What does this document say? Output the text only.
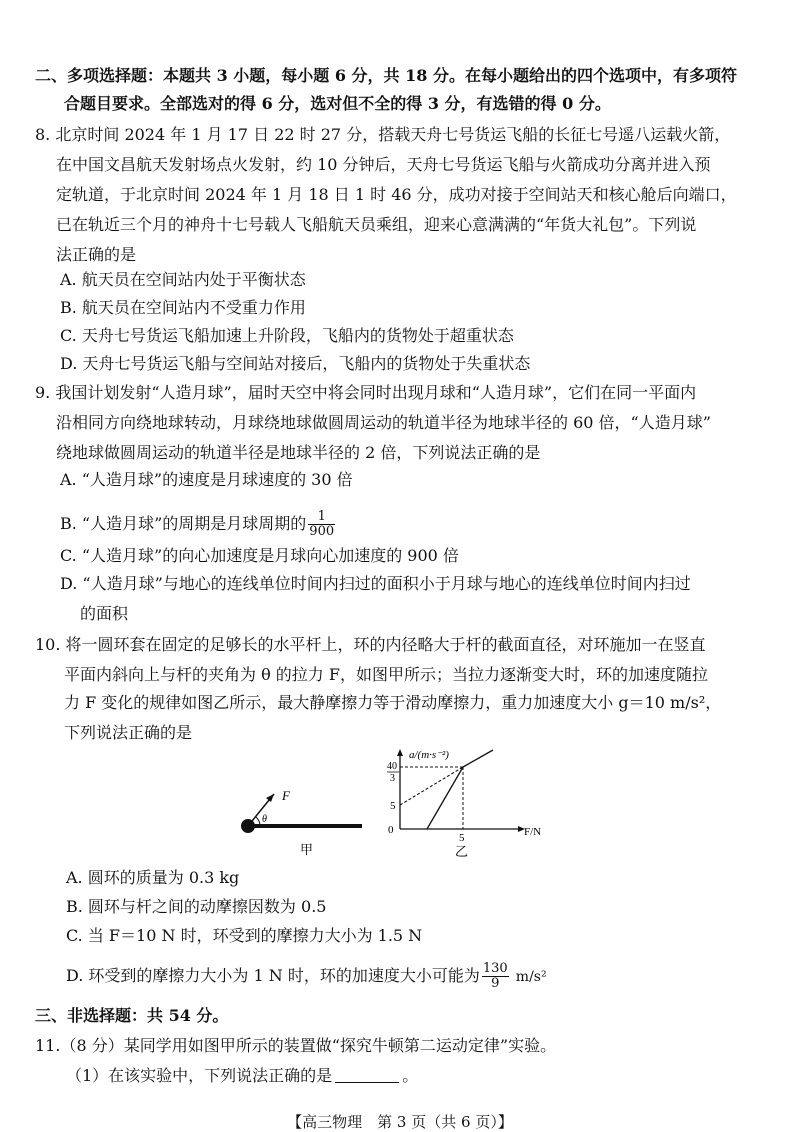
二、多项选择题：本题共 3 小题，每小题 6 分，共 18 分。在每小题给出的四个选项中，有多项符
合题目要求。全部选对的得 6 分，选对但不全的得 3 分，有选错的得 0 分。
8. 北京时间 2024 年 1 月 17 日 22 时 27 分，搭载天舟七号货运飞船的长征七号遥八运载火箭，
在中国文昌航天发射场点火发射，约 10 分钟后，天舟七号货运飞船与火箭成功分离并进入预
定轨道，于北京时间 2024 年 1 月 18 日 1 时 46 分，成功对接于空间站天和核心舱后向端口，
已在轨近三个月的神舟十七号载人飞船航天员乘组，迎来心意满满的“年货大礼包”。下列说
法正确的是
A. 航天员在空间站内处于平衡状态
B. 航天员在空间站内不受重力作用
C. 天舟七号货运飞船加速上升阶段，飞船内的货物处于超重状态
D. 天舟七号货运飞船与空间站对接后，飞船内的货物处于失重状态
9. 我国计划发射“人造月球”，届时天空中将会同时出现月球和“人造月球”，它们在同一平面内
沿相同方向绕地球转动，月球绕地球做圆周运动的轨道半径为地球半径的 60 倍，“人造月球”
绕地球做圆周运动的轨道半径是地球半径的 2 倍，下列说法正确的是
A. “人造月球”的速度是月球速度的 30 倍
B. “人造月球”的周期是月球周期的 $\frac{1}{900}$
C. “人造月球”的向心加速度是月球向心加速度的 900 倍
D. “人造月球”与地心的连线单位时间内扫过的面积小于月球与地心的连线单位时间内扫过
的面积
10. 将一圆环套在固定的足够长的水平杆上，环的内径略大于杆的截面直径，对环施加一在竖直
平面内斜向上与杆的夹角为 θ 的拉力 F，如图甲所示；当拉力逐渐变大时，环的加速度随拉
力 F 变化的规律如图乙所示，最大静摩擦力等于滑动摩擦力，重力加速度大小 g＝10 m/s²，
下列说法正确的是
F
θ
甲
a/(m·s⁻²)
F/N
40
3
5
0
5
乙
A. 圆环的质量为 0.3 kg
B. 圆环与杆之间的动摩擦因数为 0.5
C. 当 F＝10 N 时，环受到的摩擦力大小为 1.5 N
D. 环受到的摩擦力大小为 1 N 时，环的加速度大小可能为 $\frac{130}{9} m/s^2$
三、非选择题：共 54 分。
11.（8 分）某同学用如图甲所示的装置做“探究牛顿第二运动定律”实验。
（1）在该实验中，下列说法正确的是	。
【高三物理　第 3 页（共 6 页）】
